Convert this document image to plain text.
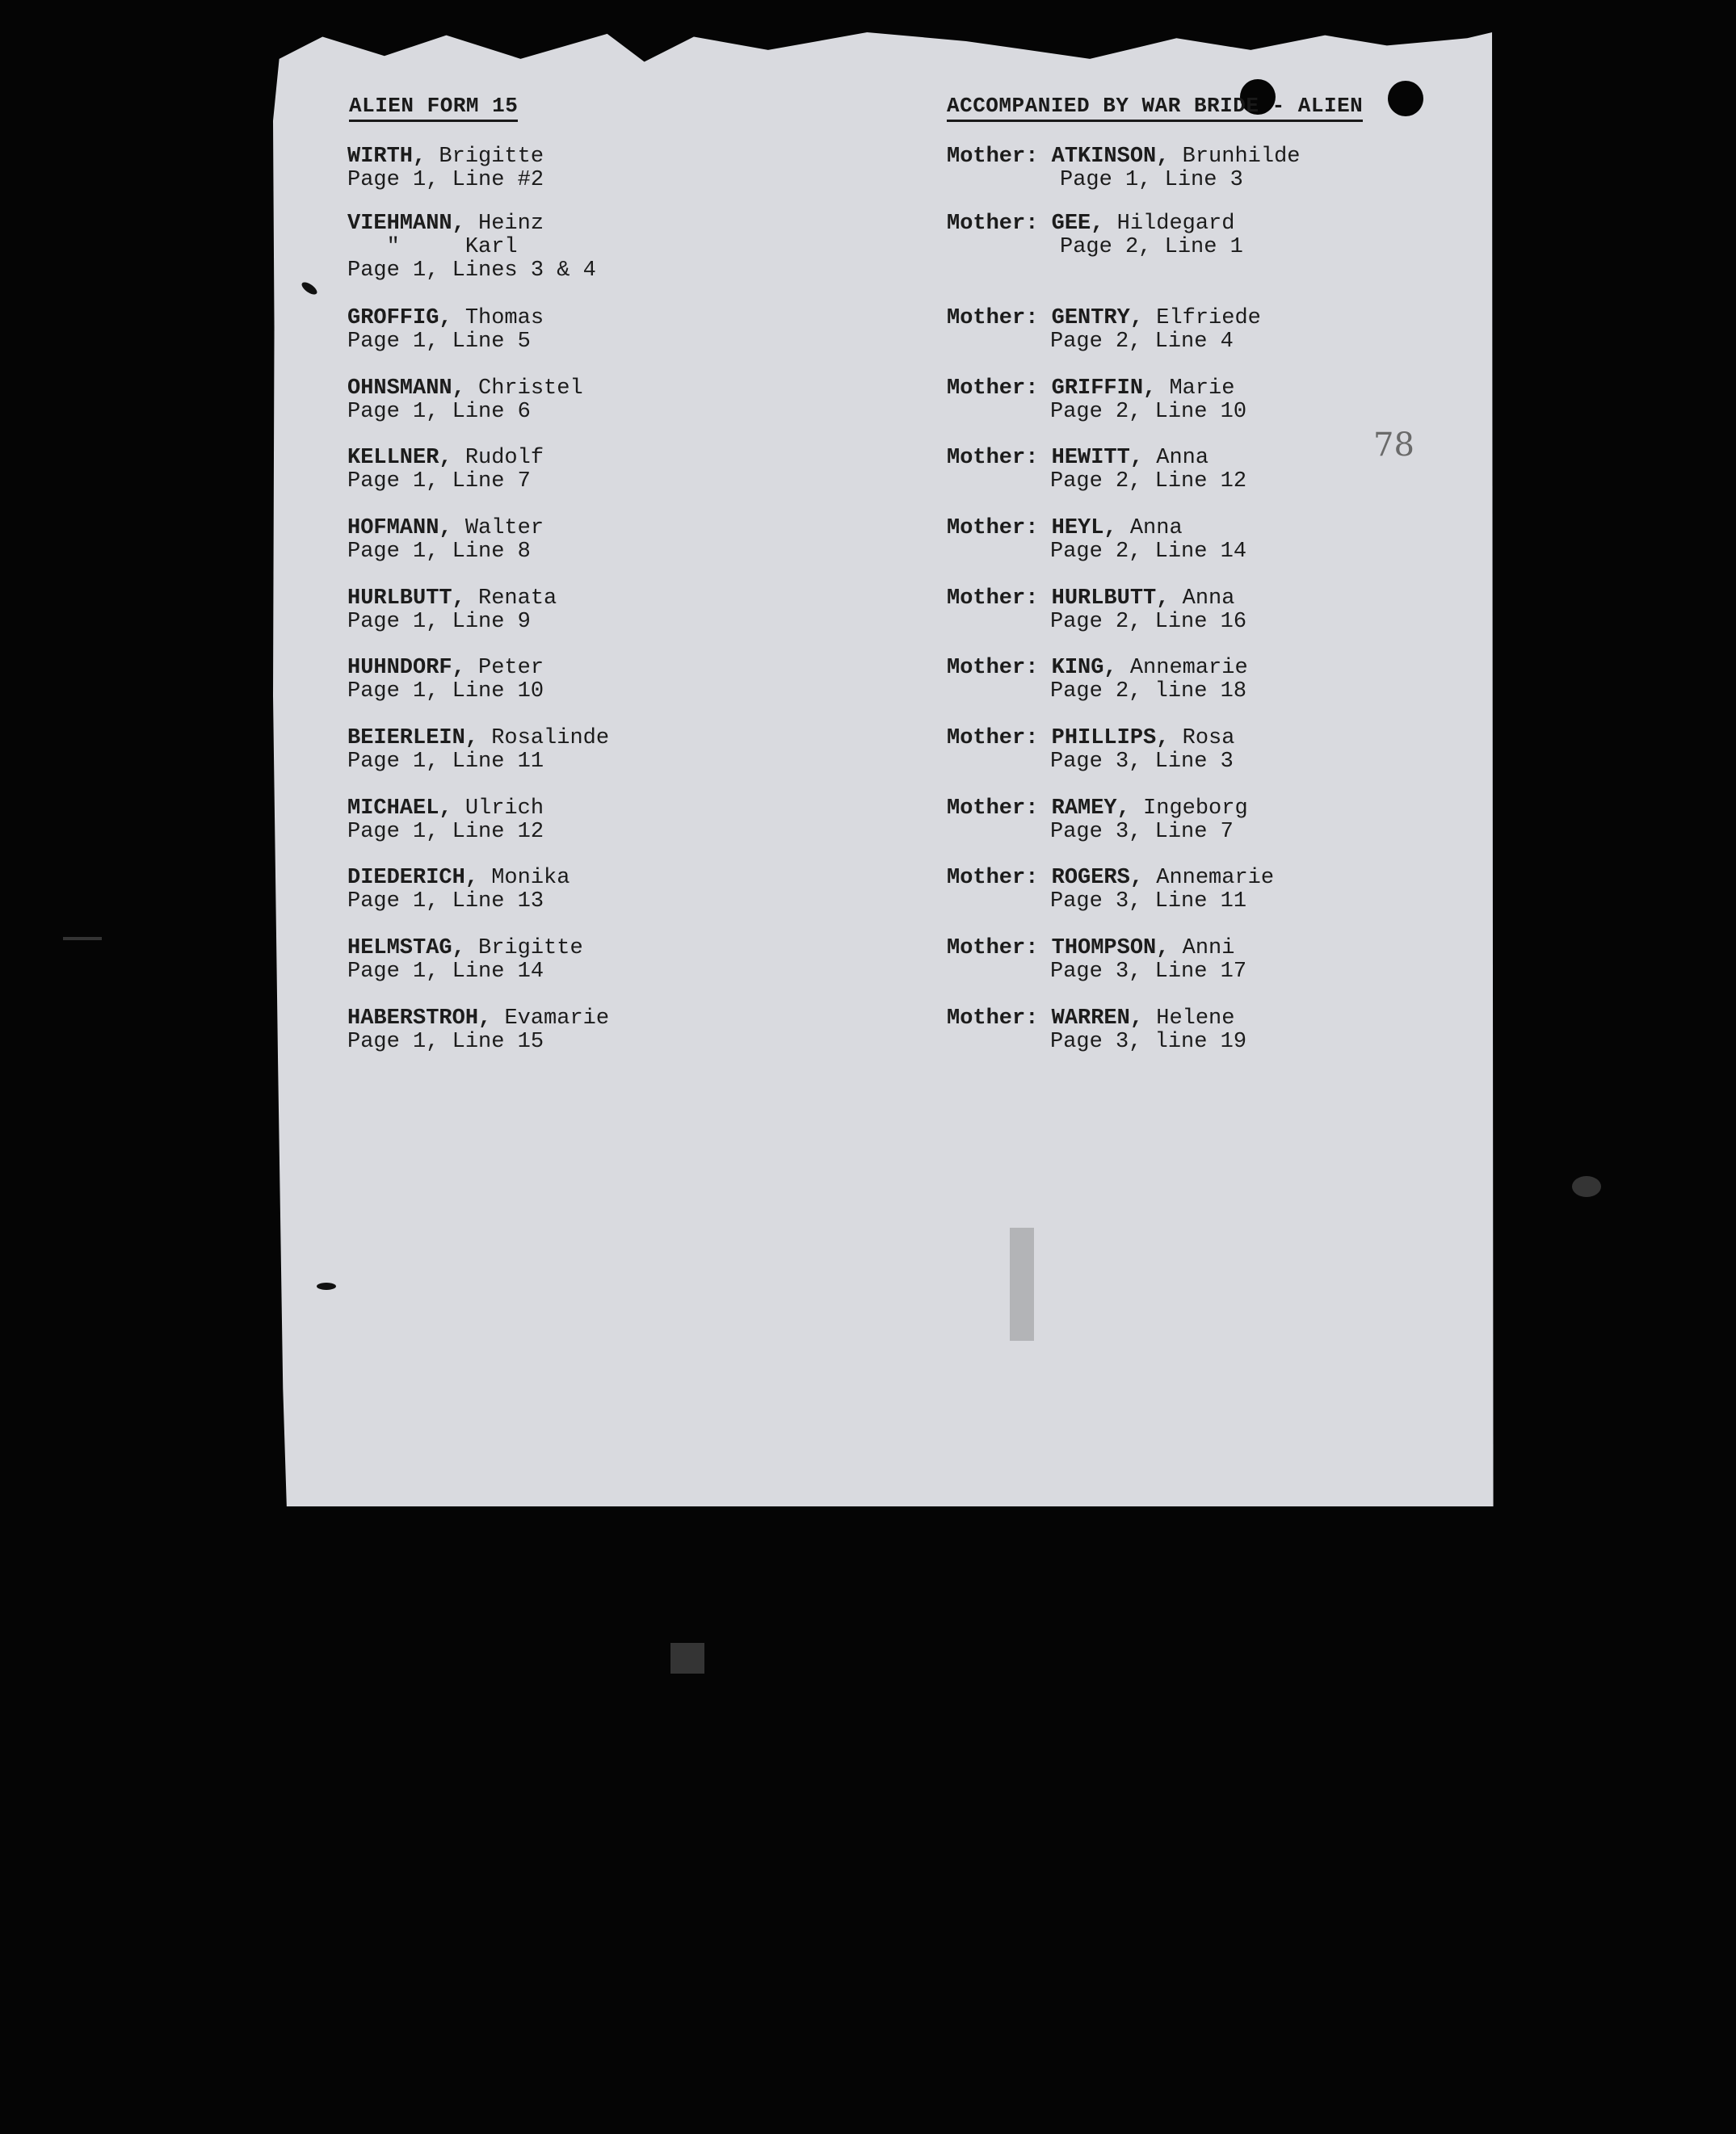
ALIEN FORM 15	ACCOMPANIED BY WAR BRIDE - ALIEN
WIRTH, Brigitte
Page 1, Line #2
VIEHMANN, Heinz
"     Karl
Page 1, Lines 3 & 4
GROFFIG, Thomas
Page 1, Line 5
OHNSMANN, Christel
Page 1, Line 6
KELLNER, Rudolf
Page 1, Line 7
HOFMANN, Walter
Page 1, Line 8
HURLBUTT, Renata
Page 1, Line 9
HUHNDORF, Peter
Page 1, Line 10
BEIERLEIN, Rosalinde
Page 1, Line 11
MICHAEL, Ulrich
Page 1, Line 12
DIEDERICH, Monika
Page 1, Line 13
HELMSTAG, Brigitte
Page 1, Line 14
HABERSTROH, Evamarie
Page 1, Line 15
Mother: ATKINSON, Brunhilde
Page 1, Line 3
Mother: GEE, Hildegard
Page 2, Line 1
Mother: GENTRY, Elfriede
Page 2, Line 4
Mother: GRIFFIN, Marie
Page 2, Line 10
Mother: HEWITT, Anna
Page 2, Line 12
Mother: HEYL, Anna
Page 2, Line 14
Mother: HURLBUTT, Anna
Page 2, Line 16
Mother: KING, Annemarie
Page 2, line 18
Mother: PHILLIPS, Rosa
Page 3, Line 3
Mother: RAMEY, Ingeborg
Page 3, Line 7
Mother: ROGERS, Annemarie
Page 3, Line 11
Mother: THOMPSON, Anni
Page 3, Line 17
Mother: WARREN, Helene
Page 3, line 19
78
